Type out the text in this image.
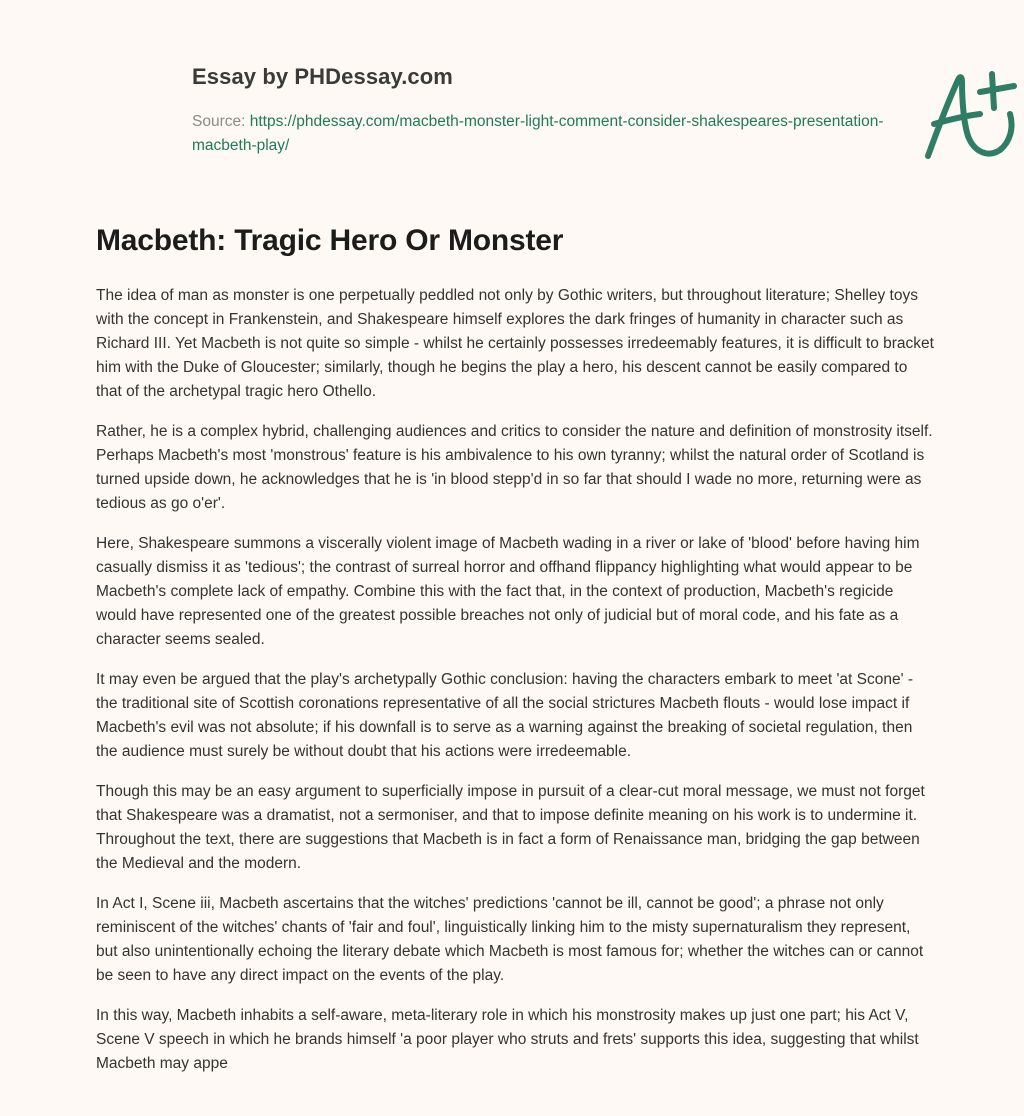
Essay by PHDessay.com
Source: https://phdessay.com/macbeth-monster-light-comment-consider-shakespeares-presentation-macbeth-play/
Macbeth: Tragic Hero Or Monster

The idea of man as monster is one perpetually peddled not only by Gothic writers, but throughout literature; Shelley toys with the concept in Frankenstein, and Shakespeare himself explores the dark fringes of humanity in character such as Richard III. Yet Macbeth is not quite so simple - whilst he certainly possesses irredeemably features, it is difficult to bracket him with the Duke of Gloucester; similarly, though he begins the play a hero, his descent cannot be easily compared to that of the archetypal tragic hero Othello.

Rather, he is a complex hybrid, challenging audiences and critics to consider the nature and definition of monstrosity itself. Perhaps Macbeth's most 'monstrous' feature is his ambivalence to his own tyranny; whilst the natural order of Scotland is turned upside down, he acknowledges that he is 'in blood stepp'd in so far that should I wade no more, returning were as tedious as go o'er'.

Here, Shakespeare summons a viscerally violent image of Macbeth wading in a river or lake of 'blood' before having him casually dismiss it as 'tedious'; the contrast of surreal horror and offhand flippancy highlighting what would appear to be Macbeth's complete lack of empathy. Combine this with the fact that, in the context of production, Macbeth's regicide would have represented one of the greatest possible breaches not only of judicial but of moral code, and his fate as a character seems sealed.

It may even be argued that the play's archetypally Gothic conclusion: having the characters embark to meet 'at Scone' - the traditional site of Scottish coronations representative of all the social strictures Macbeth flouts - would lose impact if Macbeth's evil was not absolute; if his downfall is to serve as a warning against the breaking of societal regulation, then the audience must surely be without doubt that his actions were irredeemable.

Though this may be an easy argument to superficially impose in pursuit of a clear-cut moral message, we must not forget that Shakespeare was a dramatist, not a sermoniser, and that to impose definite meaning on his work is to undermine it. Throughout the text, there are suggestions that Macbeth is in fact a form of Renaissance man, bridging the gap between the Medieval and the modern.

In Act I, Scene iii, Macbeth ascertains that the witches' predictions 'cannot be ill, cannot be good'; a phrase not only reminiscent of the witches' chants of 'fair and foul', linguistically linking him to the misty supernaturalism they represent, but also unintentionally echoing the literary debate which Macbeth is most famous for; whether the witches can or cannot be seen to have any direct impact on the events of the play.

In this way, Macbeth inhabits a self-aware, meta-literary role in which his monstrosity makes up just one part; his Act V, Scene V speech in which he brands himself 'a poor player who struts and frets' supports this idea, suggesting that whilst Macbeth may appe
